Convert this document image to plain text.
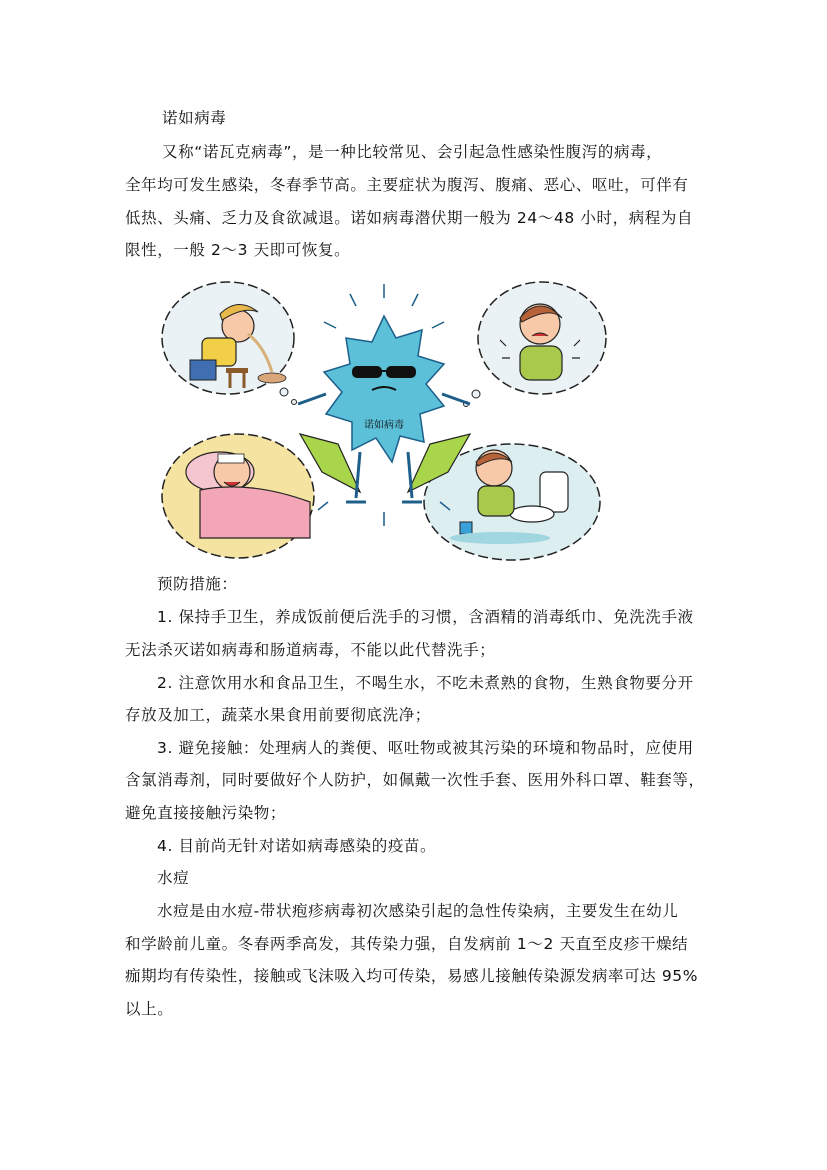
诺如病毒
又称“诺瓦克病毒”，是一种比较常见、会引起急性感染性腹泻的病毒，
全年均可发生感染，冬春季节高。主要症状为腹泻、腹痛、恶心、呕吐，可伴有
低热、头痛、乏力及食欲减退。诺如病毒潜伏期一般为 24～48 小时，病程为自
限性，一般 2～3 天即可恢复。
诺如病毒
预防措施：
1. 保持手卫生，养成饭前便后洗手的习惯，含酒精的消毒纸巾、免洗洗手液
无法杀灭诺如病毒和肠道病毒，不能以此代替洗手；
2. 注意饮用水和食品卫生，不喝生水，不吃未煮熟的食物，生熟食物要分开
存放及加工，蔬菜水果食用前要彻底洗净；
3. 避免接触：处理病人的粪便、呕吐物或被其污染的环境和物品时，应使用
含氯消毒剂，同时要做好个人防护，如佩戴一次性手套、医用外科口罩、鞋套等，
避免直接接触污染物；
4. 目前尚无针对诺如病毒感染的疫苗。
水痘
水痘是由水痘-带状疱疹病毒初次感染引起的急性传染病，主要发生在幼儿
和学龄前儿童。冬春两季高发，其传染力强，自发病前 1～2 天直至皮疹干燥结
痂期均有传染性，接触或飞沫吸入均可传染，易感儿接触传染源发病率可达 95%
以上。
